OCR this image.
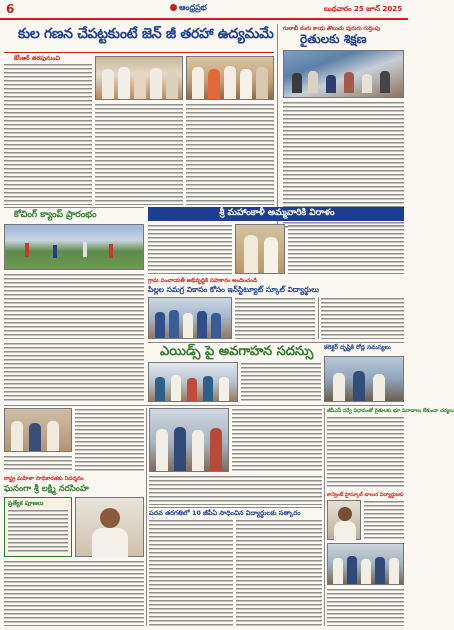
6	ఆంధ్రప్రభ	బుధవారం 25 జూన్ 2025
కుల గణన చేపట్టకుంటే జెన్ జీ తరహా ఉద్యమమే గులాబీ రంగు కాయ తొలుచు పురుగు గుర్తింపు
రైతులకు శిక్షణ
కేసీఆర్ తరపునుంచి
కోచింగ్ క్యాంప్ ప్రారంభం	శ్రీ మహాంకాళీ అమ్మవారికి విరాళం
గ్రామ పంచాయతీ అభివృద్ధికి సహకారం అందించండి
పిల్లల సమగ్ర వికాసం కోసం ఇన్‌స్టిట్యూట్ స్కూల్ విద్యార్థులు
ఎయిడ్స్ పై అవగాహన సదస్సు	కలెక్టర్ దృష్టికి రోడ్ల సమస్యలు
రాష్ట్ర మహిళా సాధికారతకు నిదర్శనం
ఘనంగా శ్రీ లక్ష్మి నరసింహ
ప్రత్యేక పూజలు
పదవ తరగతిలో 10 జీపీఏ సాధించిన విద్యార్థులకు సత్కారం
జీపీఎస్ సర్వే విధానంతో రైతులకు భూ వివాదాలు లేకుండా చర్యలు
కాన్వెంట్ హైస్కూల్ బాలుర విద్యార్థులకు
